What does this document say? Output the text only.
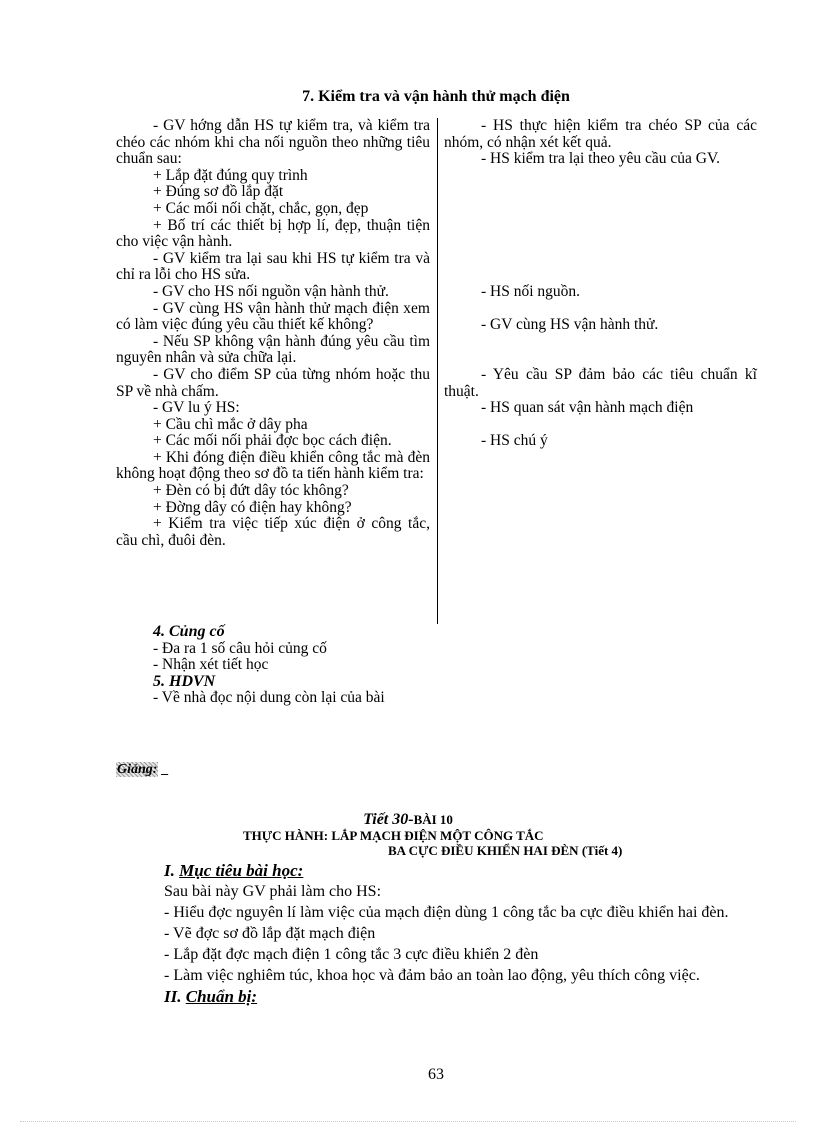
7. Kiểm tra và vận hành thử mạch điện

- GV hớng dẫn HS tự kiểm tra, và kiểm tra chéo các nhóm khi cha nối nguồn theo những tiêu chuẩn sau:

+ Lắp đặt đúng quy trình

+ Đúng sơ đồ lắp đặt

+ Các mối nối chặt, chắc, gọn, đẹp

+ Bố trí các thiết bị hợp lí, đẹp, thuận tiện cho việc vận hành.

- GV kiểm tra lại sau khi HS tự kiểm tra và chỉ ra lỗi cho HS sửa.

- GV cho HS nối nguồn vận hành thử.

- GV cùng HS vận hành thử mạch điện xem có làm việc đúng yêu cầu thiết kế không?

- Nếu SP không vận hành đúng yêu cầu tìm nguyên nhân và sửa chữa lại.

- GV cho điểm SP của từng nhóm hoặc thu SP về nhà chấm.

- GV lu ý HS:

+ Cầu chì mắc ở dây pha

+ Các mối nối phải đợc bọc cách điện.

+ Khi đóng điện điều khiển công tắc mà đèn không hoạt động theo sơ đồ ta tiến hành kiểm tra:

+ Đèn có bị đứt dây tóc không?

+ Đờng dây có điện hay không?

+ Kiểm tra việc tiếp xúc điện ở công tắc, cầu chì, đuôi đèn.

- HS thực hiện kiểm tra chéo SP của các nhóm, có nhận xét kết quả.

- HS kiểm tra lại theo yêu cầu của GV.

- HS nối nguồn.

- GV cùng HS vận hành thử.

- Yêu cầu SP đảm bảo các tiêu chuẩn kĩ thuật.

- HS quan sát vận hành mạch điện

- HS chú ý

4. Củng cố

- Đa ra 1 số câu hỏi củng cố

- Nhận xét tiết học

5. HDVN

- Về nhà đọc nội dung còn lại của bài

Giảng: _
Tiết 30-BÀI 10
THỰC HÀNH: LẮP MẠCH ĐIỆN MỘT CÔNG TẮC
BA CỰC ĐIỀU KHIỂN HAI ĐÈN (Tiết 4)

I. Mục tiêu bài học:

Sau bài này GV phải làm cho HS:

- Hiểu đợc nguyên lí làm việc của mạch điện dùng 1 công tắc ba cực điều khiển hai đèn.

- Vẽ đợc sơ đồ lắp đặt mạch điện

- Lắp đặt đợc mạch điện 1 công tắc 3 cực điều khiển 2 đèn

- Làm việc nghiêm túc, khoa học và đảm bảo an toàn lao động, yêu thích công việc.

II. Chuẩn bị:

63
